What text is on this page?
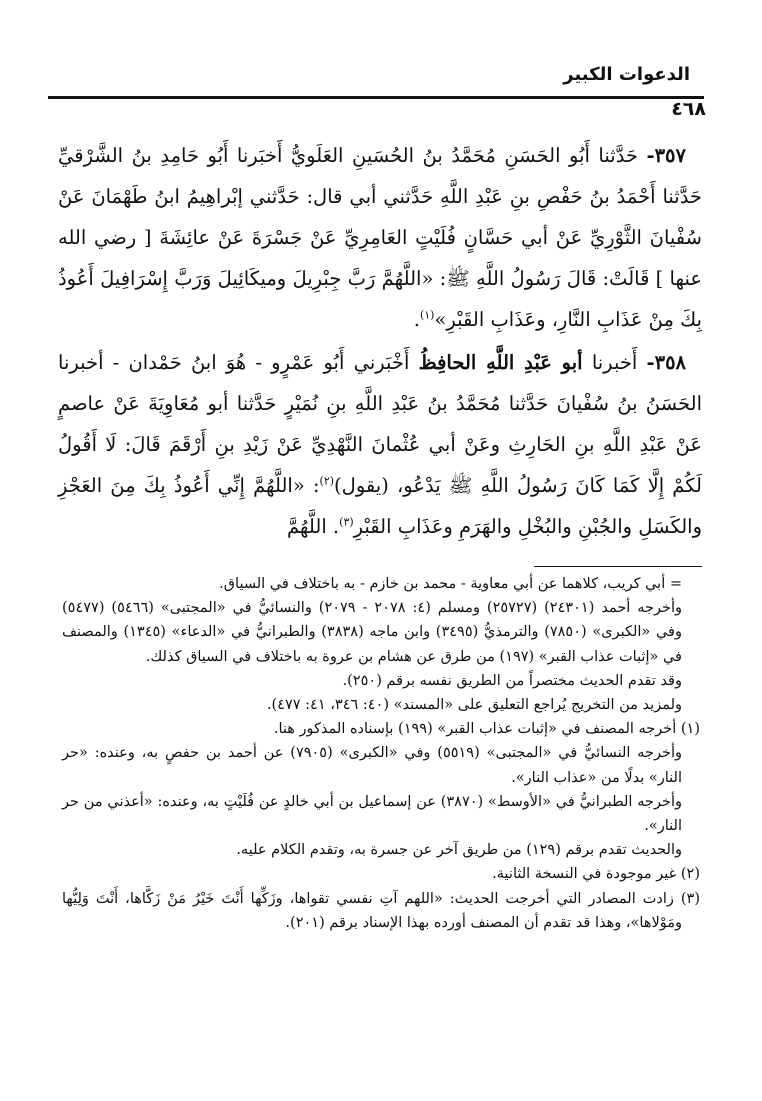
الدعوات الكبير
٤٦٨

٣٥٧- حَدَّثنا أَبُو الحَسَنِ مُحَمَّدُ بنُ الحُسَينِ العَلَويُّ أَخبَرنا أَبُو حَامِدِ بنُ الشَّرْقيِّ حَدَّثنا أَحْمَدُ بنُ حَفْصِ بنِ عَبْدِ اللَّهِ حَدَّثني أبي قال: حَدَّثني إبْراهِيمُ ابنُ طَهْمَانَ عَنْ سُفْيانَ الثَّوْرِيِّ عَنْ أبي حَسَّانٍ فُلَيْتٍ العَامِرِيِّ عَنْ جَسْرَةَ عَنْ عائِشَةَ [ رضي الله عنها ] قَالَتْ: قَالَ رَسُولُ اللَّهِ ﷺ: «اللَّهُمَّ رَبَّ جِبْرِيلَ وميكَائِيلَ وَرَبَّ إِسْرَافِيلَ أَعُوذُ بِكَ مِنْ عَذَابِ النَّارِ، وعَذَابِ القَبْرِ»$^{(١)}$.

٣٥٨- أَخبرنا أبو عَبْدِ اللَّهِ الحافِظُ أَخْبَرني أَبُو عَمْرٍو - هُوَ ابنُ حَمْدان - أخبرنا الحَسَنُ بنُ سُفْيانَ حَدَّثنا مُحَمَّدُ بنُ عَبْدِ اللَّهِ بنِ نُمَيْرٍ حَدَّثنا أبو مُعَاوِيَةَ عَنْ عاصمٍ عَنْ عَبْدِ اللَّهِ بنِ الحَارِثِ وعَنْ أبي عُثْمانَ النَّهْدِيِّ عَنْ زَيْدِ بنِ أَرْقَمَ قَالَ: لَا أَقُولُ لَكُمْ إِلَّا كَمَا كَانَ رَسُولُ اللَّهِ ﷺ يَدْعُو، (يقول)$^{(٢)}$: «اللَّهُمَّ إِنِّي أَعُوذُ بِكَ مِنَ العَجْزِ والكَسَلِ والجُبْنِ والبُخْلِ والهَرَمِ وعَذَابِ القَبْرِ$^{(٣)}$. اللَّهُمَّ

= أبي كريب، كلاهما عن أبي معاوية - محمد بن خازم - به باختلاف في السياق.

وأخرجه أحمد (٢٤٣٠١) (٢٥٧٢٧) ومسلم (٤: ٢٠٧٨ - ٢٠٧٩) والنسائيُّ في «المجتبى» (٥٤٦٦) (٥٤٧٧) وفي «الكبرى» (٧٨٥٠) والترمذيُّ (٣٤٩٥) وابن ماجه (٣٨٣٨) والطبرانيُّ في «الدعاء» (١٣٤٥) والمصنف في «إثبات عذاب القبر» (١٩٧) من طرق عن هشام بن عروة به باختلاف في السياق كذلك.

وقد تقدم الحديث مختصراً من الطريق نفسه برقم (٢٥٠).

ولمزيد من التخريج يُراجع التعليق على «المسند» (٤٠: ٣٤٦، ٤١: ٤٧٧).

(١) أخرجه المصنف في «إثبات عذاب القبر» (١٩٩) بإسناده المذكور هنا.

وأخرجه النسائيُّ في «المجتبى» (٥٥١٩) وفي «الكبرى» (٧٩٠٥) عن أحمد بن حفصٍ به، وعنده: «حر النار» بدلًا من «عذاب النار».

وأخرجه الطبرانيُّ في «الأوسط» (٣٨٧٠) عن إسماعيل بن أبي خالدٍ عن فُلَيْتٍ به، وعنده: «أعذني من حر النار».

والحديث تقدم برقم (١٢٩) من طريق آخر عن جسرة به، وتقدم الكلام عليه.

(٢) غير موجودة في النسخة الثانية.

(٣) زادت المصادر التي أخرجت الحديث: «اللهم آتِ نفسي تقواها، وزَكِّها أَنْتَ خَيْرُ مَنْ زَكَّاها، أَنْتَ وَلِيُّها ومَوْلاها»، وهذا قد تقدم أن المصنف أورده بهذا الإسناد برقم (٢٠١).
